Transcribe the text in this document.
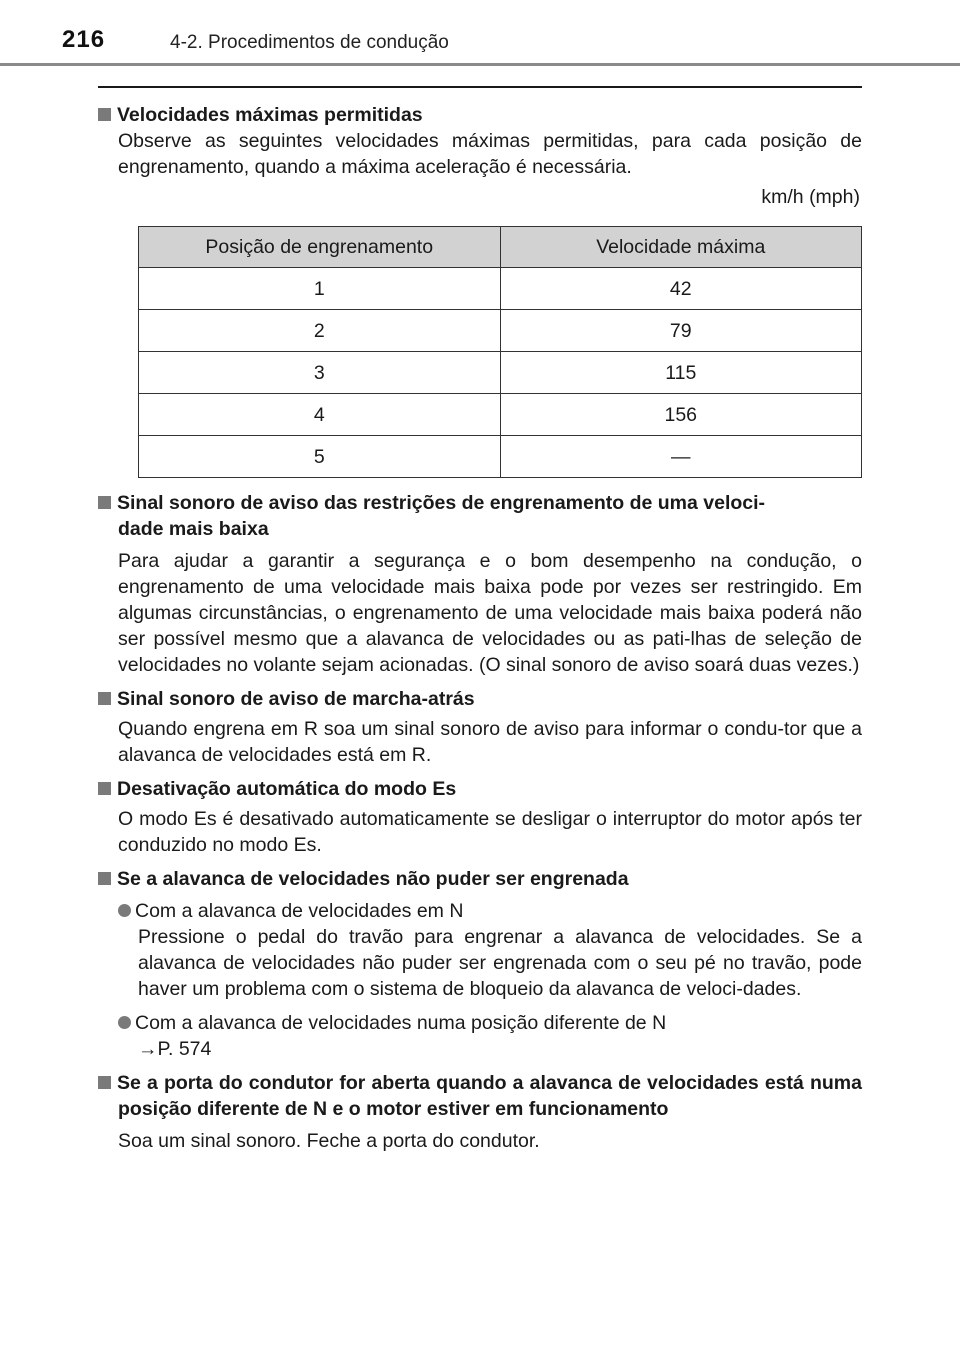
216	4-2. Procedimentos de condução
Velocidades máximas permitidas
Observe as seguintes velocidades máximas permitidas, para cada posição de engrenamento, quando a máxima aceleração é necessária.
km/h (mph)
Posição de engrenamento	Velocidade máxima
1	42
2	79
3	115
4	156
5	—
Sinal sonoro de aviso das restrições de engrenamento de uma veloci-
dade mais baixa
Para ajudar a garantir a segurança e o bom desempenho na condução, o engrenamento de uma velocidade mais baixa pode por vezes ser restringido. Em algumas circunstâncias, o engrenamento de uma velocidade mais baixa poderá não ser possível mesmo que a alavanca de velocidades ou as pati-lhas de seleção de velocidades no volante sejam acionadas. (O sinal sonoro de aviso soará duas vezes.)
Sinal sonoro de aviso de marcha-atrás
Quando engrena em R soa um sinal sonoro de aviso para informar o condu-tor que a alavanca de velocidades está em R.
Desativação automática do modo Es
O modo Es é desativado automaticamente se desligar o interruptor do motor após ter conduzido no modo Es.
Se a alavanca de velocidades não puder ser engrenada
Com a alavanca de velocidades em N
Pressione o pedal do travão para engrenar a alavanca de velocidades. Se a alavanca de velocidades não puder ser engrenada com o seu pé no travão, pode haver um problema com o sistema de bloqueio da alavanca de veloci-dades.
Com a alavanca de velocidades numa posição diferente de N
→P. 574
Se a porta do condutor for aberta quando a alavanca de velocidades está numa posição diferente de N e o motor estiver em funcionamento
Soa um sinal sonoro. Feche a porta do condutor.
